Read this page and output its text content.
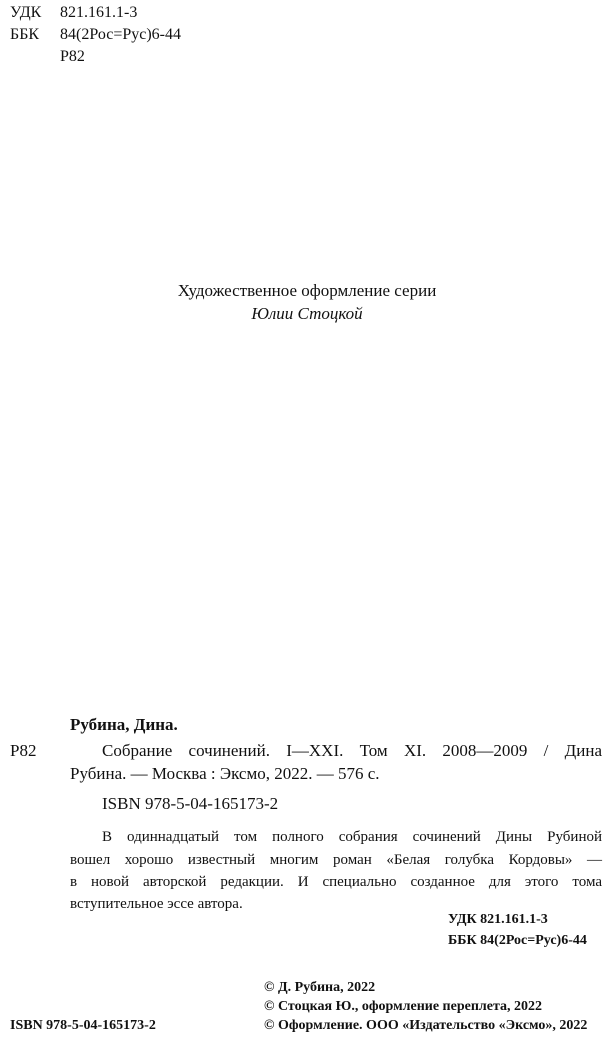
УДК 821.161.1-3
ББК 84(2Рос=Рус)6-44
Р82
Художественное оформление серии
Юлии Стоцкой
Рубина, Дина.
Р82	Собрание сочинений. I—XXI. Том XI. 2008—2009 / Дина
Рубина. — Москва : Эксмо, 2022. — 576 с.
ISBN 978-5-04-165173-2
В одиннадцатый том полного собрания сочинений Дины Рубиной
вошел хорошо известный многим роман «Белая голубка Кордовы» —
в новой авторской редакции. И специально созданное для этого тома
вступительное эссе автора.
УДК 821.161.1-3
ББК 84(2Рос=Рус)6-44
© Д. Рубина, 2022
© Стоцкая Ю., оформление переплета, 2022
© Оформление. ООО «Издательство «Эксмо», 2022
ISBN 978-5-04-165173-2
